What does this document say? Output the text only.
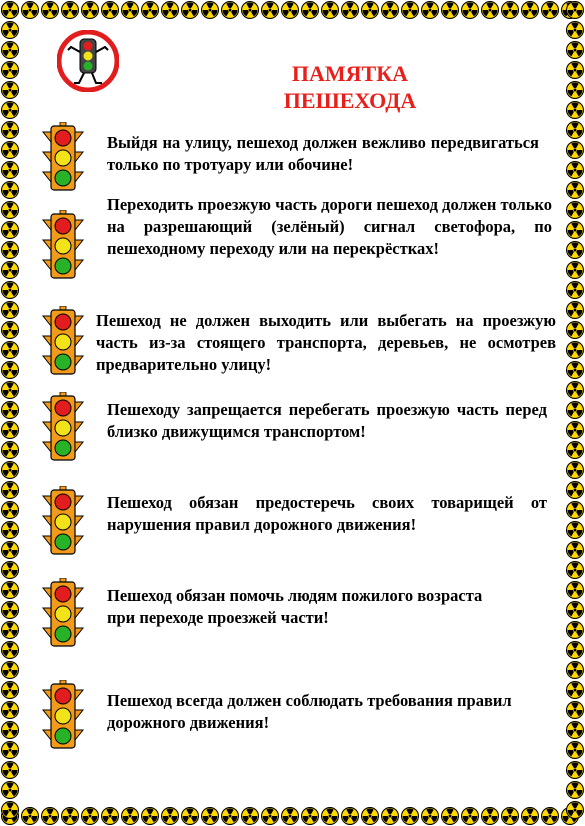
ПАМЯТКА
ПЕШЕХОДА
Выйдя на улицу, пешеход должен вежливо передвигаться только по тротуару или обочине!
Переходить проезжую часть дороги пешеход должен только на разрешающий (зелёный) сигнал светофора, по пешеходному переходу или на перекрёстках!
Пешеход не должен выходить или выбегать на проезжую часть из-за стоящего транспорта, деревьев, не осмотрев предварительно улицу!
Пешеходу запрещается перебегать проезжую часть перед близко движущимся транспортом!
Пешеход обязан предостеречь своих товарищей от нарушения правил дорожного движения!
Пешеход обязан помочь людям пожилого возраста при переходе проезжей части!
Пешеход всегда должен соблюдать требования правил дорожного движения!
